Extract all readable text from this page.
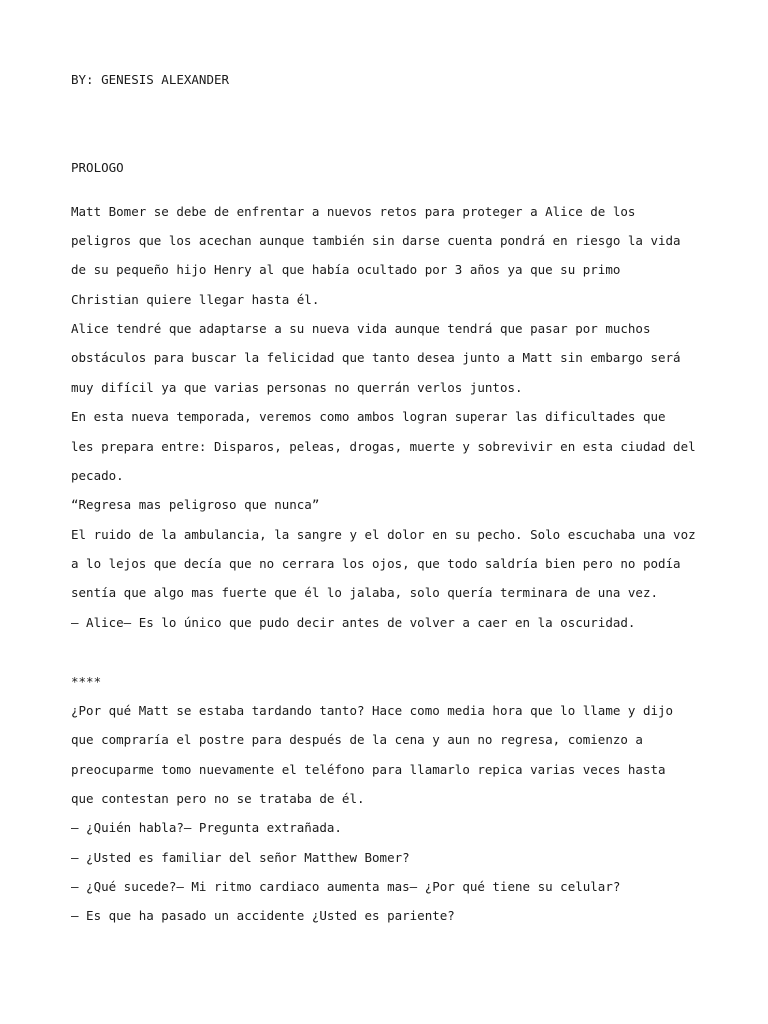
BY: GENESIS ALEXANDER
PROLOGO
Matt Bomer se debe de enfrentar a nuevos retos para proteger a Alice de los
peligros que los acechan aunque también sin darse cuenta pondrá en riesgo la vida
de su pequeño hijo Henry al que había ocultado por 3 años ya que su primo
Christian quiere llegar hasta él.
Alice tendré que adaptarse a su nueva vida aunque tendrá que pasar por muchos
obstáculos para buscar la felicidad que tanto desea junto a Matt sin embargo será
muy difícil ya que varias personas no querrán verlos juntos.
En esta nueva temporada, veremos como ambos logran superar las dificultades que
les prepara entre: Disparos, peleas, drogas, muerte y sobrevivir en esta ciudad del
pecado.
“Regresa mas peligroso que nunca”
El ruido de la ambulancia, la sangre y el dolor en su pecho. Solo escuchaba una voz
a lo lejos que decía que no cerrara los ojos, que todo saldría bien pero no podía
sentía que algo mas fuerte que él lo jalaba, solo quería terminara de una vez.
— Alice— Es lo único que pudo decir antes de volver a caer en la oscuridad.
****
¿Por qué Matt se estaba tardando tanto? Hace como media hora que lo llame y dijo
que compraría el postre para después de la cena y aun no regresa, comienzo a
preocuparme tomo nuevamente el teléfono para llamarlo repica varias veces hasta
que contestan pero no se trataba de él.
— ¿Quién habla?— Pregunta extrañada.
— ¿Usted es familiar del señor Matthew Bomer?
— ¿Qué sucede?— Mi ritmo cardiaco aumenta mas— ¿Por qué tiene su celular?
— Es que ha pasado un accidente ¿Usted es pariente?
